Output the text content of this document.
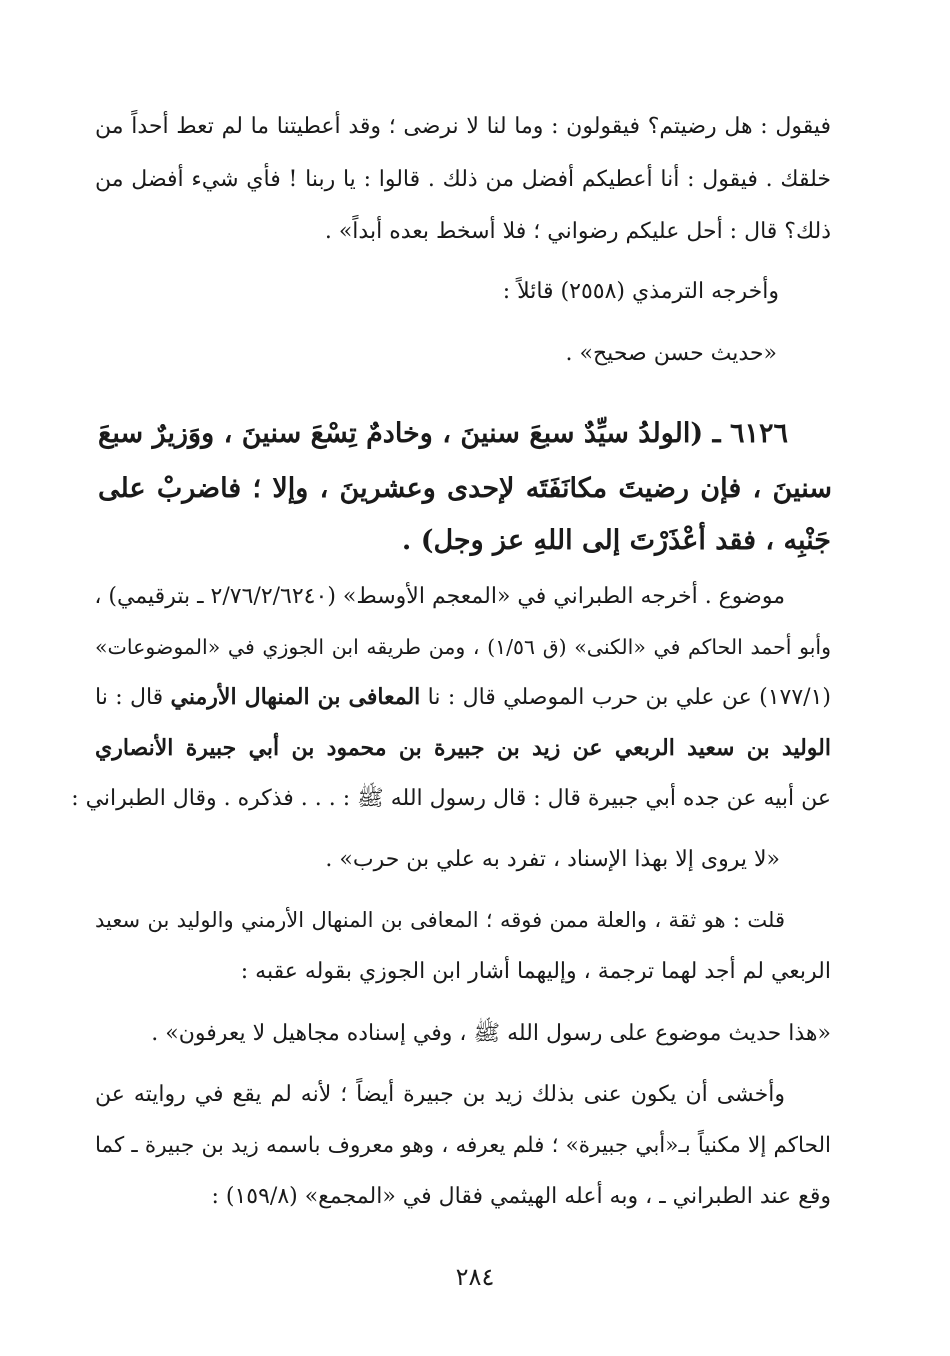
فيقول : هل رضيتم؟ فيقولون : وما لنا لا نرضى ؛ وقد أعطيتنا ما لم تعط أحداً من
خلقك . فيقول : أنا أعطيكم أفضل من ذلك . قالوا : يا ربنا ! فأي شيء أفضل من
ذلك؟ قال : أحل عليكم رضواني ؛ فلا أسخط بعده أبداً» .
وأخرجه الترمذي (٢٥٥٨) قائلاً :
«حديث حسن صحيح» .
٦١٢٦ ـ (الولدُ سيِّدٌ سبعَ سنينَ ، وخادمٌ تِسْعَ سنينَ ، ووَزيرٌ سبعَ
سنينَ ، فإن رضيتَ مكانَفَتَه لإحدى وعشرينَ ، وإلا ؛ فاضربْ على
جَنْبِه ، فقد أعْذَرْتَ إلى اللهِ عز وجل) .
موضوع . أخرجه الطبراني في «المعجم الأوسط» (٢/٧٦/٢/٦٢٤٠ ـ بترقيمي) ،
وأبو أحمد الحاكم في «الكنى» (ق ١/٥٦) ، ومن طريقه ابن الجوزي في «الموضوعات»
(١٧٧/١) عن علي بن حرب الموصلي قال : نا المعافى بن المنهال الأرمني قال : نا
الوليد بن سعيد الربعي عن زيد بن جبيرة بن محمود بن أبي جبيرة الأنصاري
عن أبيه عن جده أبي جبيرة قال : قال رسول الله ﷺ : . . . فذكره . وقال الطبراني :
«لا يروى إلا بهذا الإسناد ، تفرد به علي بن حرب» .
قلت : هو ثقة ، والعلة ممن فوقه ؛ المعافى بن المنهال الأرمني والوليد بن سعيد
الربعي لم أجد لهما ترجمة ، وإليهما أشار ابن الجوزي بقوله عقبه :
«هذا حديث موضوع على رسول الله ﷺ ، وفي إسناده مجاهيل لا يعرفون» .
وأخشى أن يكون عنى بذلك زيد بن جبيرة أيضاً ؛ لأنه لم يقع في روايته عن
الحاكم إلا مكنياً بـ«أبي جبيرة» ؛ فلم يعرفه ، وهو معروف باسمه زيد بن جبيرة ـ كما
وقع عند الطبراني ـ ، وبه أعله الهيثمي فقال في «المجمع» (١٥٩/٨) :
٢٨٤
